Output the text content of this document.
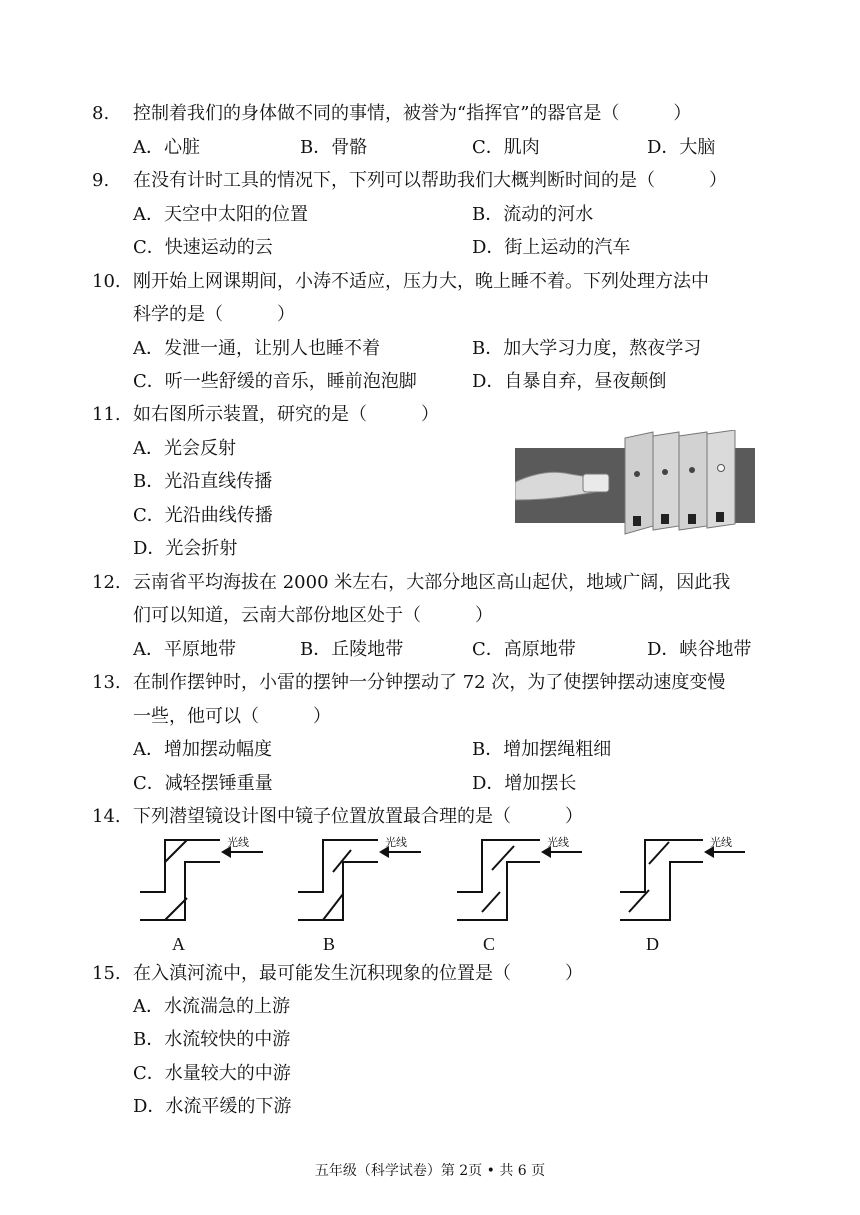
8. 控制着我们的身体做不同的事情，被誉为“指挥官”的器官是（　　　）
A．心脏	B．骨骼	C．肌肉	D．大脑
9. 在没有计时工具的情况下，下列可以帮助我们大概判断时间的是（　　　）
A．天空中太阳的位置	B．流动的河水
C．快速运动的云	D．街上运动的汽车
10. 刚开始上网课期间，小涛不适应，压力大，晚上睡不着。下列处理方法中
科学的是（　　　）
A．发泄一通，让别人也睡不着	B．加大学习力度，熬夜学习
C．听一些舒缓的音乐，睡前泡泡脚	D．自暴自弃，昼夜颠倒
11. 如右图所示装置，研究的是（　　　）
A．光会反射
B．光沿直线传播
C．光沿曲线传播
D．光会折射
12. 云南省平均海拔在 2000 米左右，大部分地区高山起伏，地域广阔，因此我
们可以知道，云南大部份地区处于（　　　）
A．平原地带	B．丘陵地带	C．高原地带	D．峡谷地带
13. 在制作摆钟时，小雷的摆钟一分钟摆动了 72 次，为了使摆钟摆动速度变慢
一些，他可以（　　　）
A．增加摆动幅度	B．增加摆绳粗细
C．减轻摆锤重量	D．增加摆长
14. 下列潜望镜设计图中镜子位置放置最合理的是（　　　）
光线
A
光线
B
光线
C
光线
D
15. 在入滇河流中，最可能发生沉积现象的位置是（　　　）
A．水流湍急的上游
B．水流较快的中游
C．水量较大的中游
D．水流平缓的下游
五年级（科学试卷）第 2页 • 共 6 页
